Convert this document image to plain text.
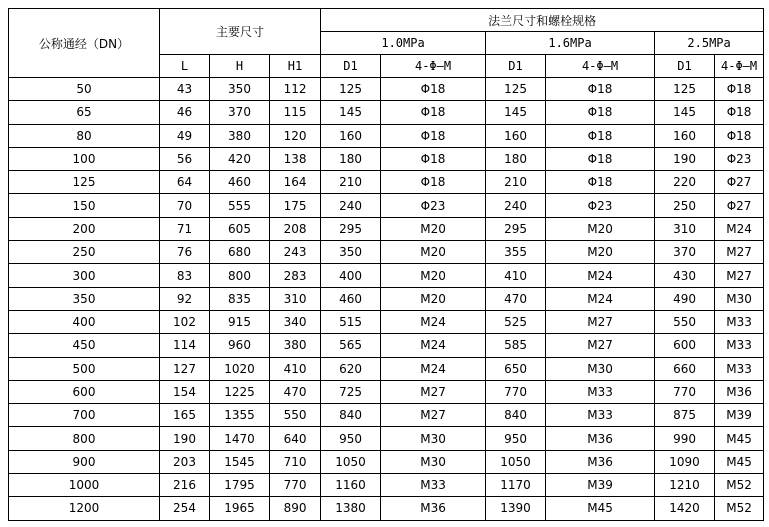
公称通经（DN）	主要尺寸			法兰尺寸和螺栓规格					
				1.0MPa		1.6MPa		2.5MPa	
	L	H	H1	D1	4-Φ—M	D1	4-Φ—M	D1	4-Φ—M
50	43	350	112	125	Φ18	125	Φ18	125	Φ18
65	46	370	115	145	Φ18	145	Φ18	145	Φ18
80	49	380	120	160	Φ18	160	Φ18	160	Φ18
100	56	420	138	180	Φ18	180	Φ18	190	Φ23
125	64	460	164	210	Φ18	210	Φ18	220	Φ27
150	70	555	175	240	Φ23	240	Φ23	250	Φ27
200	71	605	208	295	M20	295	M20	310	M24
250	76	680	243	350	M20	355	M20	370	M27
300	83	800	283	400	M20	410	M24	430	M27
350	92	835	310	460	M20	470	M24	490	M30
400	102	915	340	515	M24	525	M27	550	M33
450	114	960	380	565	M24	585	M27	600	M33
500	127	1020	410	620	M24	650	M30	660	M33
600	154	1225	470	725	M27	770	M33	770	M36
700	165	1355	550	840	M27	840	M33	875	M39
800	190	1470	640	950	M30	950	M36	990	M45
900	203	1545	710	1050	M30	1050	M36	1090	M45
1000	216	1795	770	1160	M33	1170	M39	1210	M52
1200	254	1965	890	1380	M36	1390	M45	1420	M52
